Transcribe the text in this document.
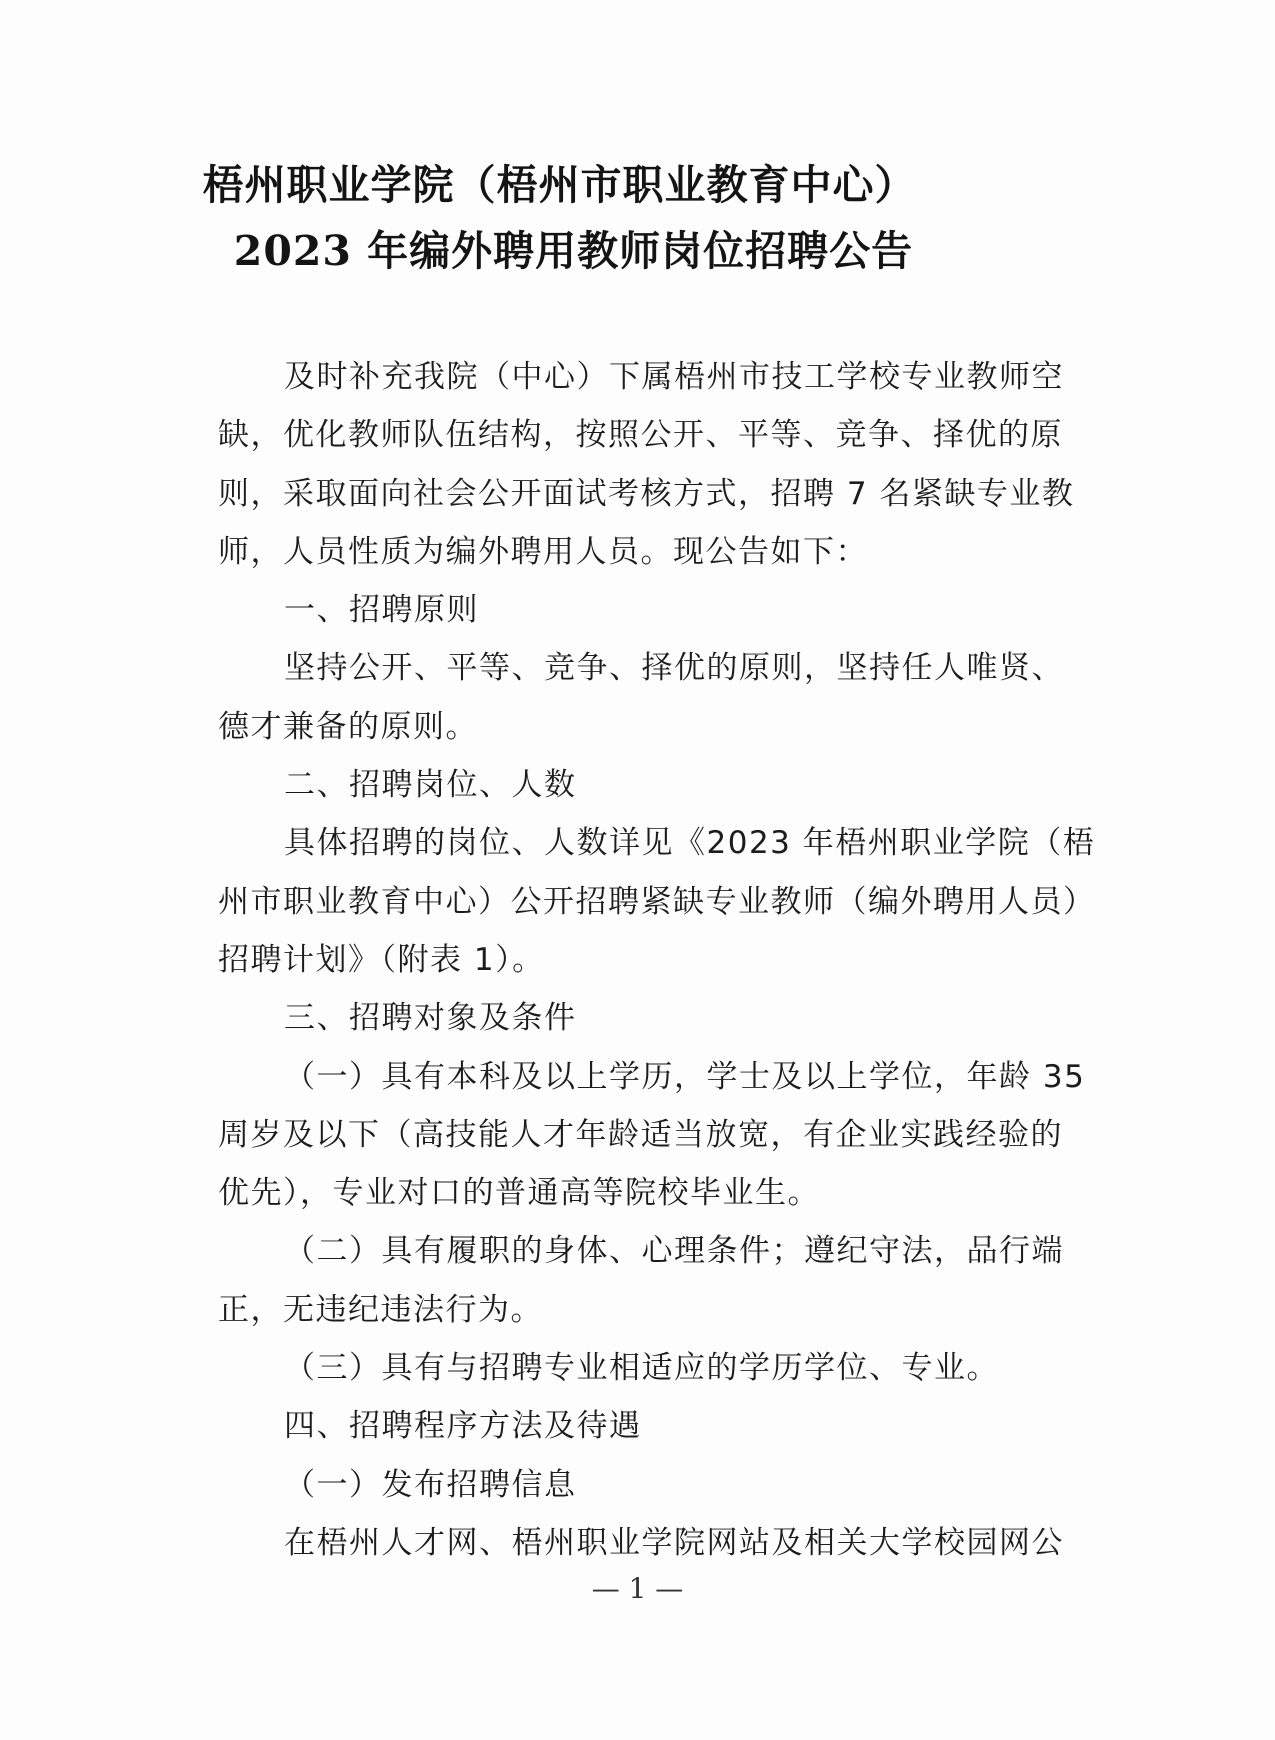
梧州职业学院（梧州市职业教育中心）
2023 年编外聘用教师岗位招聘公告
及时补充我院（中心）下属梧州市技工学校专业教师空
缺，优化教师队伍结构，按照公开、平等、竞争、择优的原
则，采取面向社会公开面试考核方式，招聘 7 名紧缺专业教
师，人员性质为编外聘用人员。现公告如下：
一、招聘原则
坚持公开、平等、竞争、择优的原则，坚持任人唯贤、
德才兼备的原则。
二、招聘岗位、人数
具体招聘的岗位、人数详见《2023 年梧州职业学院（梧
州市职业教育中心）公开招聘紧缺专业教师（编外聘用人员）
招聘计划》（附表 1）。
三、招聘对象及条件
（一）具有本科及以上学历，学士及以上学位，年龄 35
周岁及以下（高技能人才年龄适当放宽，有企业实践经验的
优先），专业对口的普通高等院校毕业生。
（二）具有履职的身体、心理条件；遵纪守法，品行端
正，无违纪违法行为。
（三）具有与招聘专业相适应的学历学位、专业。
四、招聘程序方法及待遇
（一）发布招聘信息
在梧州人才网、梧州职业学院网站及相关大学校园网公
— 1 —
